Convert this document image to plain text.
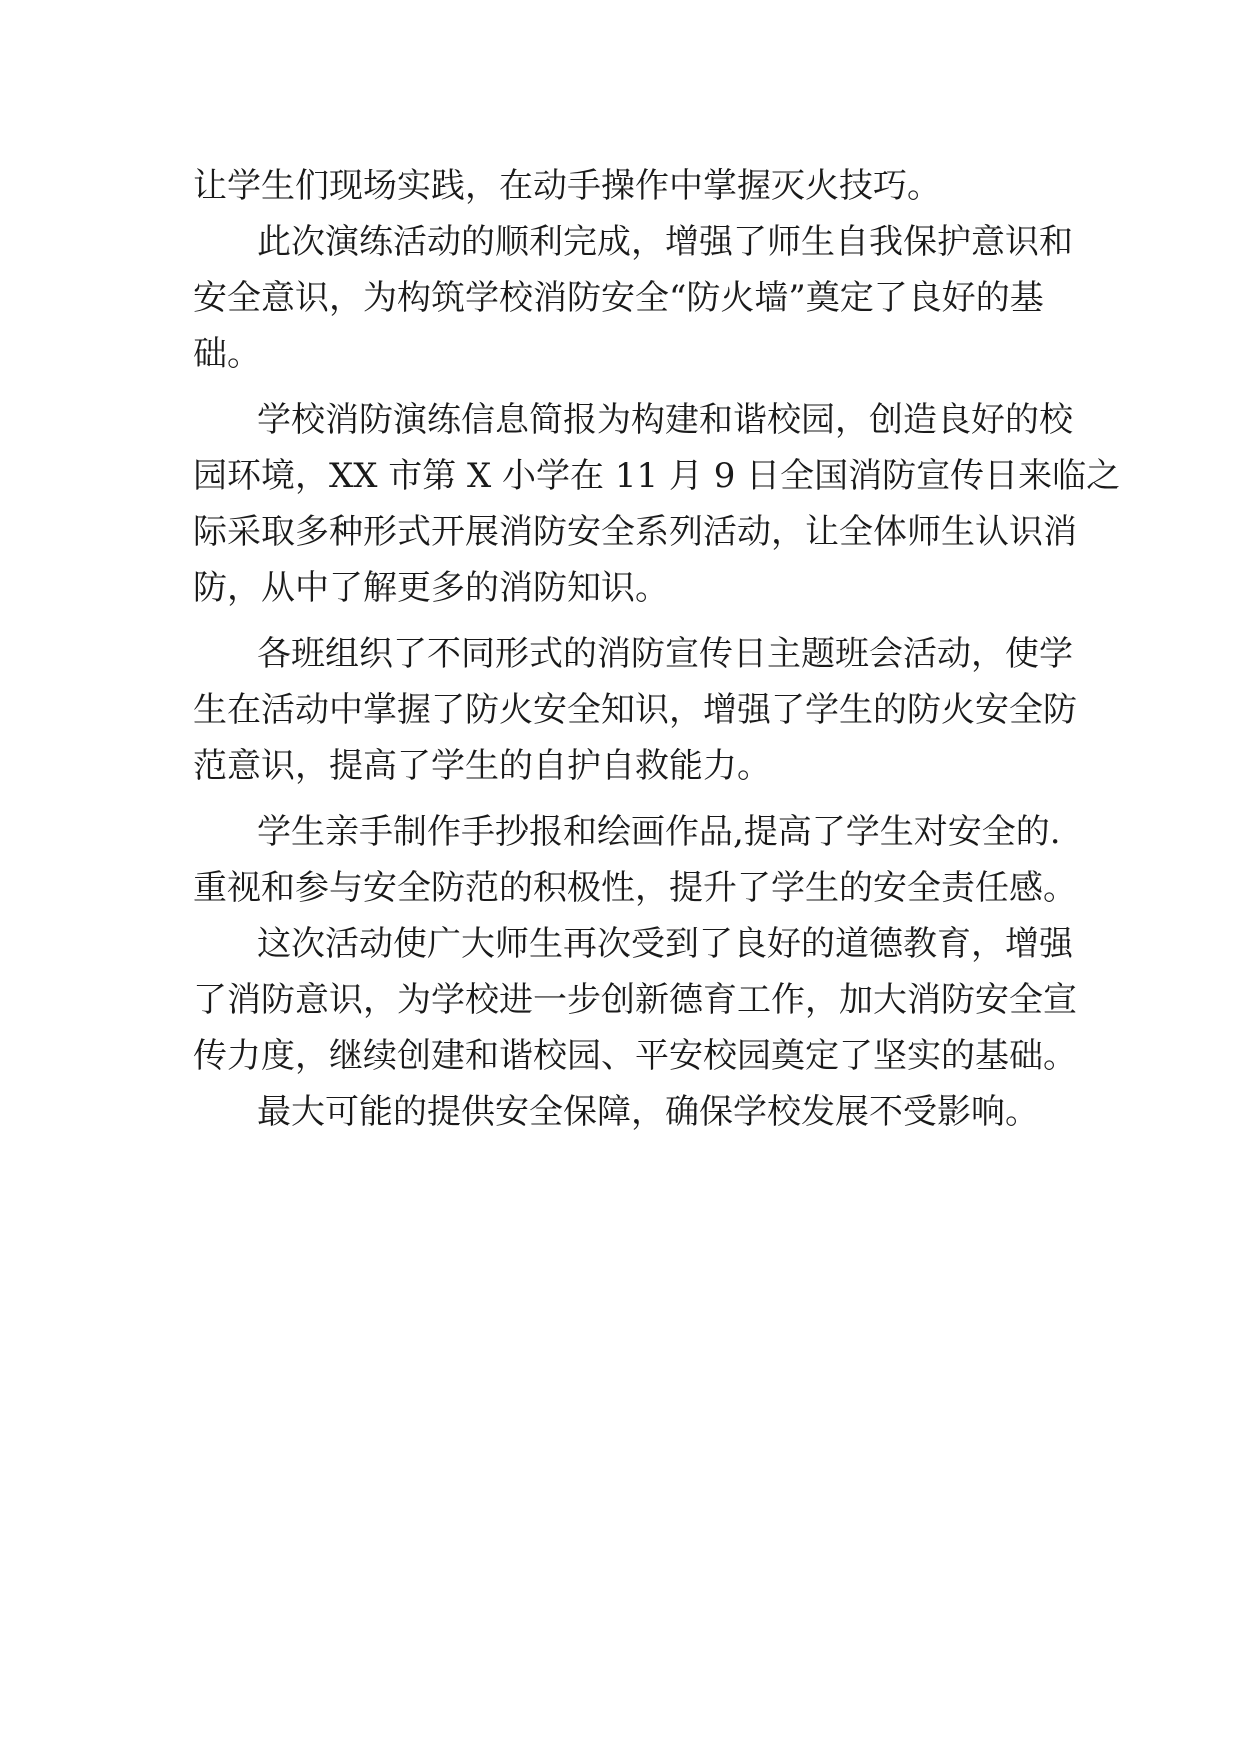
让学生们现场实践，在动手操作中掌握灭火技巧。

此次演练活动的顺利完成，增强了师生自我保护意识和

安全意识，为构筑学校消防安全“防火墙”奠定了良好的基

础。

学校消防演练信息简报为构建和谐校园，创造良好的校

园环境，XX 市第 X 小学在 11 月 9 日全国消防宣传日来临之

际采取多种形式开展消防安全系列活动，让全体师生认识消

防，从中了解更多的消防知识。

各班组织了不同形式的消防宣传日主题班会活动，使学

生在活动中掌握了防火安全知识，增强了学生的防火安全防

范意识，提高了学生的自护自救能力。

学生亲手制作手抄报和绘画作品,提高了学生对安全的.

重视和参与安全防范的积极性，提升了学生的安全责任感。

这次活动使广大师生再次受到了良好的道德教育，增强

了消防意识，为学校进一步创新德育工作，加大消防安全宣

传力度，继续创建和谐校园、平安校园奠定了坚实的基础。

最大可能的提供安全保障，确保学校发展不受影响。
